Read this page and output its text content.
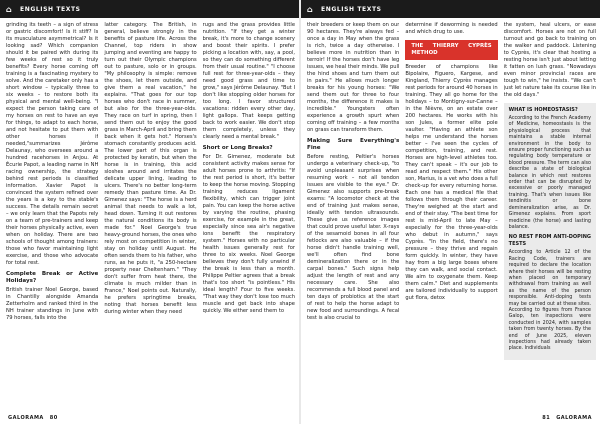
⌂	ENGLISH TEXTS

grinding its teeth – a sign of stress or gastric discomfort! Is it stiff? Is its musculature asymmetrical? Is it looking sad? Which companion should it be paired with during its few weeks of rest so it truly benefits? Every horse coming off training is a fascinating mystery to solve. And the caretaker only has a short window – typically three to six weeks – to restore both its physical and mental well-being. "I expect the person taking care of my horses on rest to have an eye for things, to adapt to each horse, and not hesitate to put them with other horses if needed,"summarizes Jérôme Delaunay, who oversees around a hundred racehorses in Anjou. At Écurie Papot, a leading name in NH racing ownership, the strategy behind rest periods is classified information. Xavier Papot is convinced the system refined over the years is a key to the stable's success. The details remain secret – we only learn that the Papots rely on a team of pre-trainers and keep their horses physically active, even when on holiday. There are two schools of thought among trainers: those who favor maintaining light exercise, and those who advocate for total rest.

Complete Break or Active Holidays?

British trainer Noel George, based in Chantilly alongside Amanda Zetterholm and ranked third in the NH trainer standings in June with 79 horses, falls into the

latter category. The British, in general, believe strongly in the benefits of pasture life. Across the Channel, top riders in show jumping and eventing are happy to turn out their Olympic champions out to pasture, solo or in groups. "My philosophy is simple: remove the shoes, let them outside, and give them a real vacation," he explains. "That goes for our top horses who don't race in summer, but also for the three-year-olds. They race on turf in spring, then I send them out to enjoy the good grass in March-April and bring them back when it gets hot." Horses's stomach constantly produces acid. The lower part of this organ is protected by keratin, but when the horse is in training, this acid sloshes around and irritates the delicate upper lining, leading to ulcers. There's no better long-term remedy than pasture time. As Dr. Gimenez says: "The horse is a herd animal that needs to walk a lot, head down. Turning it out restores the natural conditions its body is made for." Noel George's true heavy-ground horses, the ones who rely most on competition in winter, stay on holiday until August. He often sends them to his father, who runs, as he puts it, "a 250-hectare property near Cheltenham." "They don't suffer from heat there, the climate is much milder than in France," Noel points out. Naturally, he prefers springtime breaks, noting that horses benefit less during winter when they need

rugs and the grass provides little nutrition. "If they get a winter break, it's more to change scenery and boost their spirits. I prefer picking a location with, say, a pool, so they can do something different from their usual routine." "I choose full rest for three-year-olds – they need good grass and time to grow," says Jérôme Delaunay. "But I don't like stopping older horses for too long. I favor structured vacations: ridden every other day, light gallops. That keeps getting back to work easier. We don't stop them completely, unless they clearly need a mental break."

Short or Long Breaks?

For Dr. Gimenez, moderate but consistent activity makes sense for adult horses prone to arthritis: "If the rest period is short, it's better to keep the horse moving. Stopping training reduces ligament flexibility, which can trigger joint pain. You can keep the horse active by varying the routine, phasing exercise, for example in the great, especially since sea air's negative ions benefit the respiratory system." Horses with no particular health issues generally rest for three to six weeks. Noel George believes they don't fully unwind if the break is less than a month. Philippe Peltier agrees that a break that's too short "is pointless." His ideal length? Four to five weeks. "That way they don't lose too much muscle and get back into shape quickly. We either send them to

GALORAMA 80
⌂	ENGLISH TEXTS

their breeders or keep them on our 90 hectares. They're always fed – once a day in May when the grass is rich, twice a day otherwise. I believe more in nutrition than in terroir! If the horses don't have leg issues, we heal their minds. We pull the hind shoes and turn them out in pairs." He allows much longer breaks for his young horses: "We send them out for three to four months, the difference it makes is incredible." Youngsters often experience a growth spurt when coming off training – a few months on grass can transform them.

Making Sure Everything's Fine

Before resting, Peltier's horses undergo a veterinary check-up, "to avoid unpleasant surprises when resuming work – not all tendon issues are visible to the eye." Dr. Gimenez also supports pre-break exams: "A locomotor check at the end of training just makes sense, ideally with tendon ultrasounds. These give us reference images that could prove useful later. X-rays of the sesamoid bones in all four fetlocks are also valuable – if the horse didn't handle training well, we'll often find bone demineralization there or in the carpal bones." Such signs help adjust the length of rest and any necessary care. She also recommends a full blood panel and ten days of probiotics at the start of rest to help the horse adapt to new food and surroundings. A fecal test is also crucial to

determine if deworming is needed and which drug to use.

THE THIERRY CYPRÈS METHOD

Breeder of champions like Bipolaire, Figuero, Kargese, and Kingland, Thierry Cyprès manages rest periods for around 40 horses in training. They all go home for the holidays – to Montigny-sur-Canne – in the Nièvre, on an estate over 200 hectares. He works with his son Jules, a former elite pole vaulter. "Having an athlete son helps me understand the horses better – I've seen the cycles of competition, training, and rest. Horses are high-level athletes too. They can't speak – it's our job to read and respect them." His other son, Marius, is a vet who does a full check-up for every returning horse. Each one has a medical file that follows them through their career. They're weighed at the start and end of their stay. "The best time for rest is mid-April to late May – especially for the three-year-olds who debut in autumn," says Cyprès. "In the field, there's no pressure – they thrive and regain form quickly. In winter, they have hay from a big large boxes where they can walk, and social contact. We aim to oxygenate them. Keep them calm." Diet and supplements are tailored individually to support gut flora, detox

the system, heal ulcers, or ease discomfort. Horses are not on full turnout and go back to training on the walker and paddock. Listening to Cyprès, it's clear that hosting a resting horse isn't just about letting it fatten on lush grass. "Nowadays even minor provincial races are tough to win," he insists. "We can't just let nature take its course like in the old days."

WHAT IS HOMEOSTASIS?

According to the French Academy of Medicine, homeostasis is the physiological process that maintains a stable internal environment in the body to ensure proper functioning such as regulating body temperature or blood pressure. The term can also describe a state of biological balance in which rest restores order that can be disrupted by excessive or poorly managed training. That's when issues like tendinitis or bone demineralization arise, as Dr. Gimenez explains. From sport medicine (the horse) and lasting balance.

NO REST FROM ANTI-DOPING TESTS

According to Article 12 of the Racing Code, trainers are required to declare the location where their horses will be resting when placed on temporary withdrawal from training as well as the name of the person responsible. Anti-doping tests may be carried out at these sites. According to figures from France Galop, ten inspections were conducted in 2024, with samples taken from twenty horses. By the end of June 2025, eleven inspections had already taken place. Individuals

81 GALORAMA
